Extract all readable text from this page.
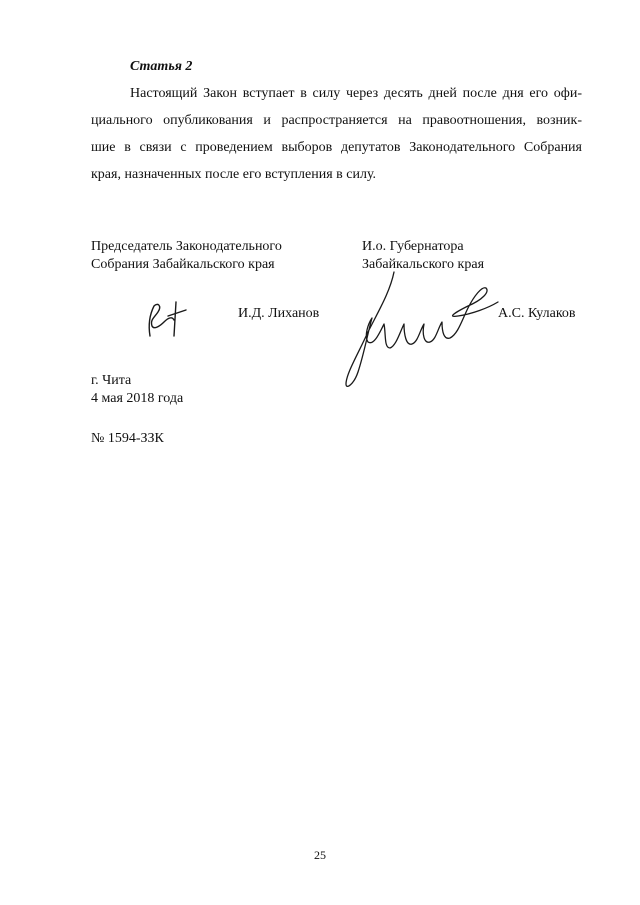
Статья 2
Настоящий Закон вступает в силу через десять дней после дня его офи-
циального опубликования и распространяется на правоотношения, возник-
шие в связи с проведением выборов депутатов Законодательного Собрания
края, назначенных после его вступления в силу.
Председатель Законодательного
Собрания Забайкальского края
И.о. Губернатора
Забайкальского края
И.Д. Лиханов	А.С. Кулаков
г. Чита
4 мая 2018 года
№ 1594-ЗЗК
25
